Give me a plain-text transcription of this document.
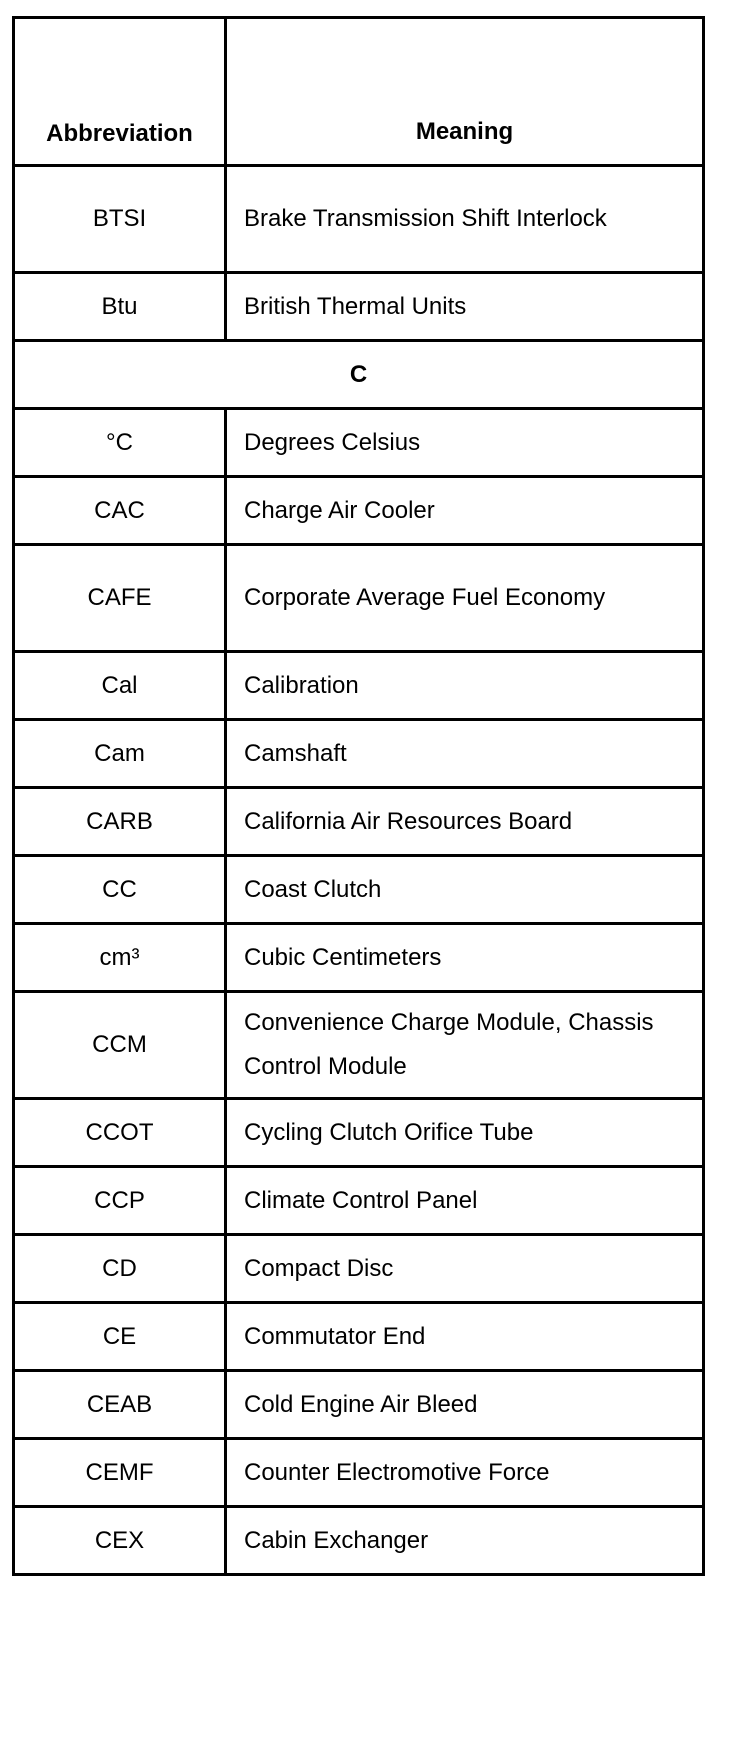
Abbreviation	Meaning
BTSI	Brake Transmission Shift Interlock
Btu	British Thermal Units
C	
°C	Degrees Celsius
CAC	Charge Air Cooler
CAFE	Corporate Average Fuel Economy
Cal	Calibration
Cam	Camshaft
CARB	California Air Resources Board
CC	Coast Clutch
cm³	Cubic Centimeters
CCM	Convenience Charge Module, Chassis Control Module
CCOT	Cycling Clutch Orifice Tube
CCP	Climate Control Panel
CD	Compact Disc
CE	Commutator End
CEAB	Cold Engine Air Bleed
CEMF	Counter Electromotive Force
CEX	Cabin Exchanger
